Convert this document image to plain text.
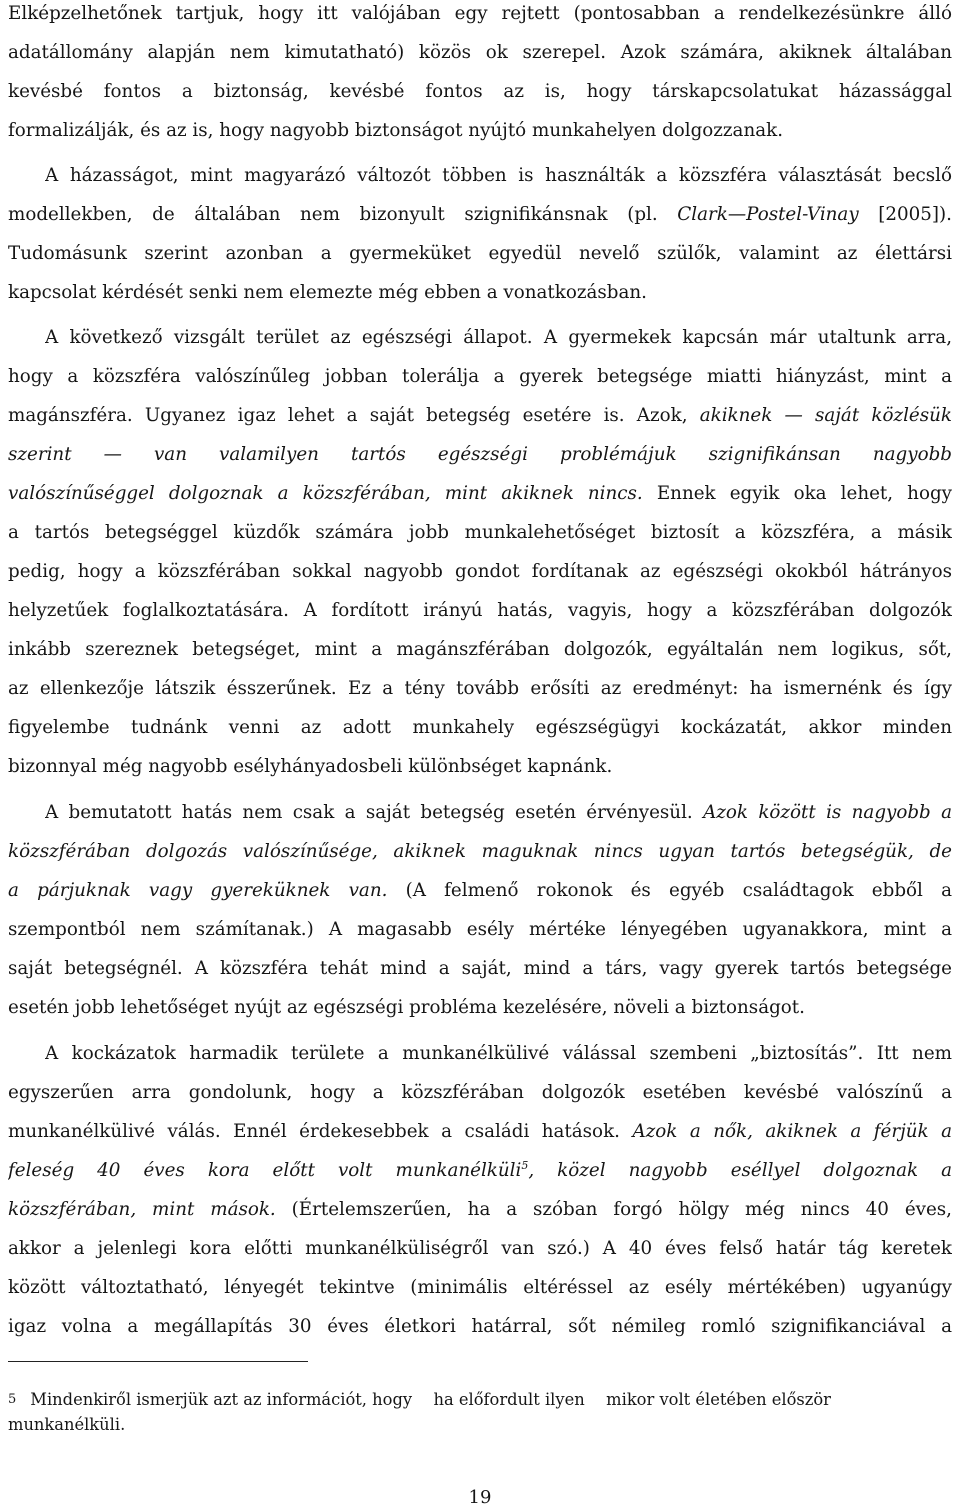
Elképzelhetőnek tartjuk, hogy itt valójában egy rejtett (pontosabban a rendelkezésünkre álló

adatállomány alapján nem kimutatható) közös ok szerepel. Azok számára, akiknek általában

kevésbé fontos a biztonság, kevésbé fontos az is, hogy társkapcsolatukat házassággal

formalizálják, és az is, hogy nagyobb biztonságot nyújtó munkahelyen dolgozzanak.

A házasságot, mint magyarázó változót többen is használták a közszféra választását becslő

modellekben, de általában nem bizonyult szignifikánsnak (pl. Clark—Postel-Vinay [2005]).

Tudomásunk szerint azonban a gyermeküket egyedül nevelő szülők, valamint az élettársi

kapcsolat kérdését senki nem elemezte még ebben a vonatkozásban.

A következő vizsgált terület az egészségi állapot. A gyermekek kapcsán már utaltunk arra,

hogy a közszféra valószínűleg jobban tolerálja a gyerek betegsége miatti hiányzást, mint a

magánszféra. Ugyanez igaz lehet a saját betegség esetére is. Azok, akiknek — saját közlésük

szerint — van valamilyen tartós egészségi problémájuk szignifikánsan nagyobb

valószínűséggel dolgoznak a közszférában, mint akiknek nincs. Ennek egyik oka lehet, hogy

a tartós betegséggel küzdők számára jobb munkalehetőséget biztosít a közszféra, a másik

pedig, hogy a közszférában sokkal nagyobb gondot fordítanak az egészségi okokból hátrányos

helyzetűek foglalkoztatására. A fordított irányú hatás, vagyis, hogy a közszférában dolgozók

inkább szereznek betegséget, mint a magánszférában dolgozók, egyáltalán nem logikus, sőt,

az ellenkezője látszik ésszerűnek. Ez a tény tovább erősíti az eredményt: ha ismernénk és így

figyelembe tudnánk venni az adott munkahely egészségügyi kockázatát, akkor minden

bizonnyal még nagyobb esélyhányadosbeli különbséget kapnánk.

A bemutatott hatás nem csak a saját betegség esetén érvényesül. Azok között is nagyobb a

közszférában dolgozás valószínűsége, akiknek maguknak nincs ugyan tartós betegségük, de

a párjuknak vagy gyereküknek van. (A felmenő rokonok és egyéb családtagok ebből a

szempontból nem számítanak.) A magasabb esély mértéke lényegében ugyanakkora, mint a

saját betegségnél. A közszféra tehát mind a saját, mind a társ, vagy gyerek tartós betegsége

esetén jobb lehetőséget nyújt az egészségi probléma kezelésére, növeli a biztonságot.

A kockázatok harmadik területe a munkanélkülivé válással szembeni „biztosítás”. Itt nem

egyszerűen arra gondolunk, hogy a közszférában dolgozók esetében kevésbé valószínű a

munkanélkülivé válás. Ennél érdekesebbek a családi hatások. Azok a nők, akiknek a férjük a

feleség 40 éves kora előtt volt munkanélküli$^5$, közel nagyobb eséllyel dolgoznak a

közszférában, mint mások. (Értelemszerűen, ha a szóban forgó hölgy még nincs 40 éves,

akkor a jelenlegi kora előtti munkanélküliségről van szó.) A 40 éves felső határ tág keretek

között változtatható, lényegét tekintve (minimális eltéréssel az esély mértékében) ugyanúgy

igaz volna a megállapítás 30 éves életkori határral, sőt némileg romló szignifikanciával a

5 Mindenkiről ismerjük azt az információt, hogy  ha előfordult ilyen  mikor volt életében először

munkanélküli.

19
